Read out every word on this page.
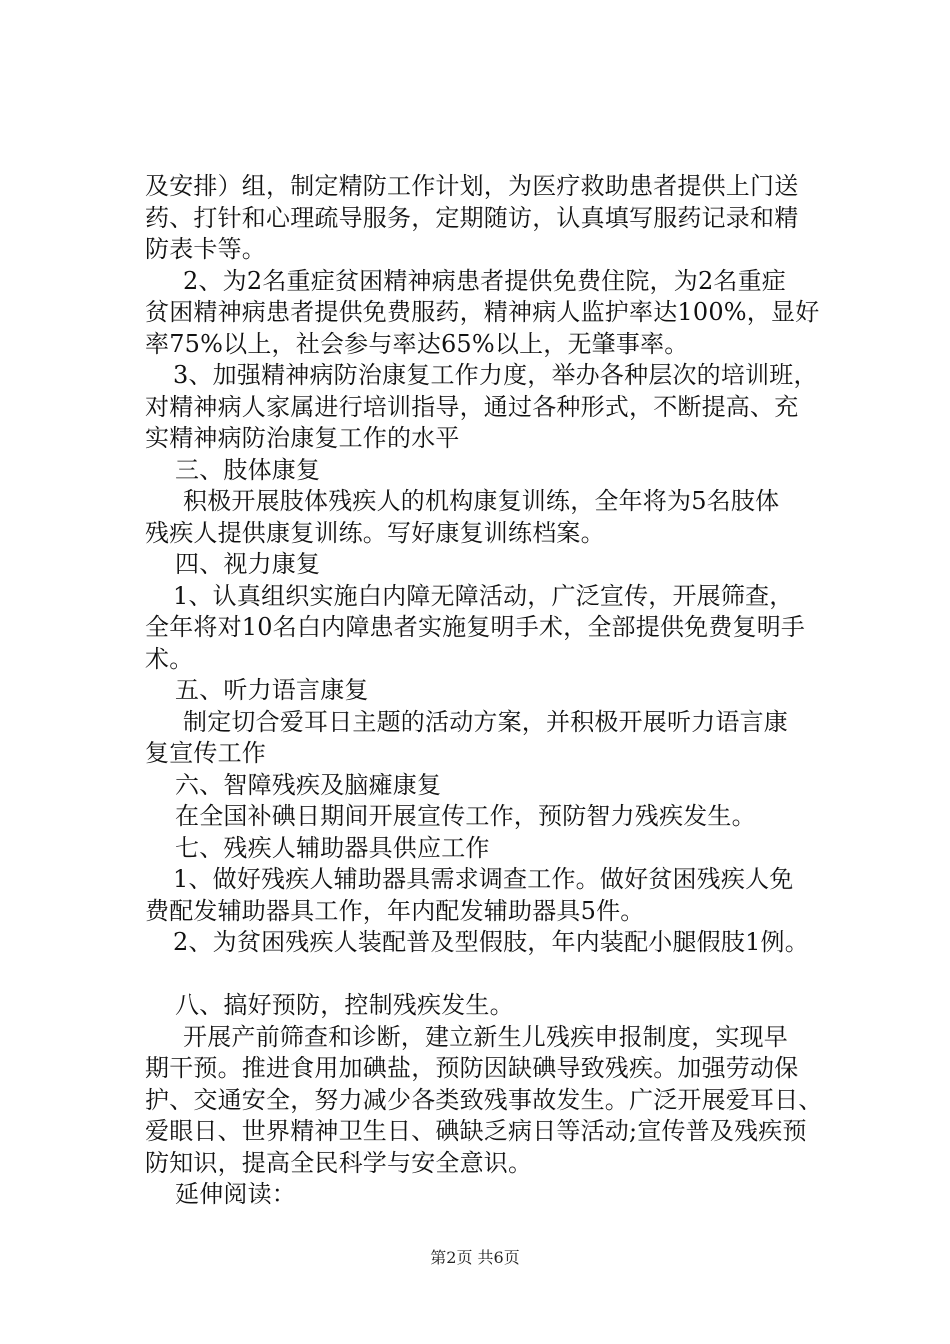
及安排）组，制定精防工作计划，为医疗救助患者提供上门送
药、打针和心理疏导服务，定期随访，认真填写服药记录和精
防表卡等。
2、为2名重症贫困精神病患者提供免费住院，为2名重症
贫困精神病患者提供免费服药，精神病人监护率达100%，显好
率75%以上，社会参与率达65%以上，无肇事率。
3、加强精神病防治康复工作力度，举办各种层次的培训班，
对精神病人家属进行培训指导，通过各种形式，不断提高、充
实精神病防治康复工作的水平
三、肢体康复
积极开展肢体残疾人的机构康复训练，全年将为5名肢体
残疾人提供康复训练。写好康复训练档案。
四、视力康复
1、认真组织实施白内障无障活动，广泛宣传，开展筛查，
全年将对10名白内障患者实施复明手术，全部提供免费复明手
术。
五、听力语言康复
制定切合爱耳日主题的活动方案，并积极开展听力语言康
复宣传工作
六、智障残疾及脑瘫康复
在全国补碘日期间开展宣传工作，预防智力残疾发生。
七、残疾人辅助器具供应工作
1、做好残疾人辅助器具需求调查工作。做好贫困残疾人免
费配发辅助器具工作，年内配发辅助器具5件。
2、为贫困残疾人装配普及型假肢，年内装配小腿假肢1例。
八、搞好预防，控制残疾发生。
开展产前筛查和诊断，建立新生儿残疾申报制度，实现早
期干预。推进食用加碘盐，预防因缺碘导致残疾。加强劳动保
护、交通安全，努力减少各类致残事故发生。广泛开展爱耳日、
爱眼日、世界精神卫生日、碘缺乏病日等活动;宣传普及残疾预
防知识，提高全民科学与安全意识。
延伸阅读：
第2页 共6页
